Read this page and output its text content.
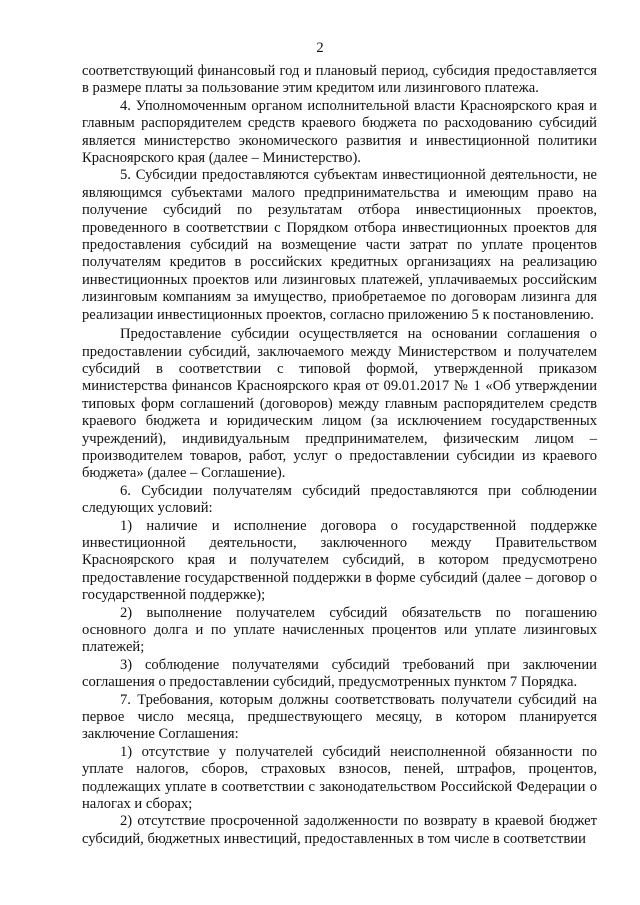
2

соответствующий финансовый год и плановый период, субсидия предоставляется в размере платы за пользование этим кредитом или лизингового платежа.

4. Уполномоченным органом исполнительной власти Красноярского края и главным распорядителем средств краевого бюджета по расходованию субсидий является министерство экономического развития и инвестиционной политики Красноярского края (далее – Министерство).

5. Субсидии предоставляются субъектам инвестиционной деятельности, не являющимся субъектами малого предпринимательства и имеющим право на получение субсидий по результатам отбора инвестиционных проектов, проведенного в соответствии с Порядком отбора инвестиционных проектов для предоставления субсидий на возмещение части затрат по уплате процентов получателям кредитов в российских кредитных организациях на реализацию инвестиционных проектов или лизинговых платежей, уплачиваемых российским лизинговым компаниям за имущество, приобретаемое по договорам лизинга для реализации инвестиционных проектов, согласно приложению 5 к постановлению.

Предоставление субсидии осуществляется на основании соглашения о предоставлении субсидий, заключаемого между Министерством и получателем субсидий в соответствии с типовой формой, утвержденной приказом министерства финансов Красноярского края от 09.01.2017 № 1 «Об утверждении типовых форм соглашений (договоров) между главным распорядителем средств краевого бюджета и юридическим лицом (за исключением государственных учреждений), индивидуальным предпринимателем, физическим лицом – производителем товаров, работ, услуг о предоставлении субсидии из краевого бюджета» (далее – Соглашение).

6. Субсидии получателям субсидий предоставляются при соблюдении следующих условий:

1) наличие и исполнение договора о государственной поддержке инвестиционной деятельности, заключенного между Правительством Красноярского края и получателем субсидий, в котором предусмотрено предоставление государственной поддержки в форме субсидий (далее – договор о государственной поддержке);

2) выполнение получателем субсидий обязательств по погашению основного долга и по уплате начисленных процентов или уплате лизинговых платежей;

3) соблюдение получателями субсидий требований при заключении соглашения о предоставлении субсидий, предусмотренных пунктом 7 Порядка.

7. Требования, которым должны соответствовать получатели субсидий на первое число месяца, предшествующего месяцу, в котором планируется заключение Соглашения:

1) отсутствие у получателей субсидий неисполненной обязанности по уплате налогов, сборов, страховых взносов, пеней, штрафов, процентов, подлежащих уплате в соответствии с законодательством Российской Федерации о налогах и сборах;

2) отсутствие просроченной задолженности по возврату в краевой бюджет субсидий, бюджетных инвестиций, предоставленных в том числе в соответствии
